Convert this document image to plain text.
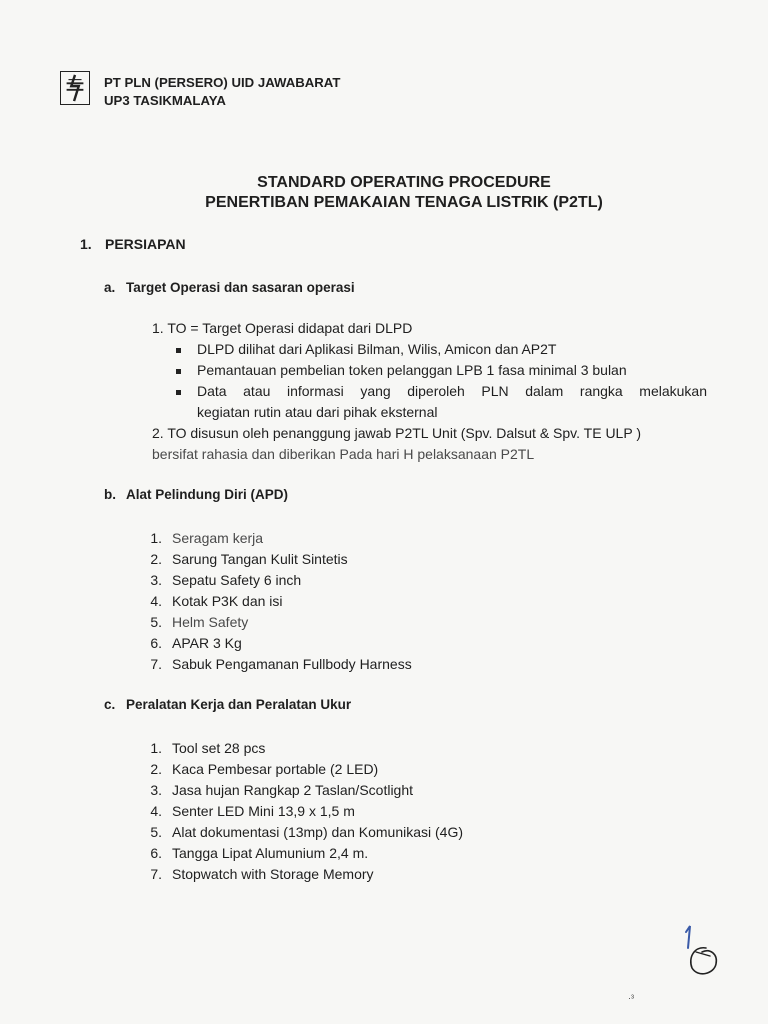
PT PLN (PERSERO) UID JAWABARAT
UP3 TASIKMALAYA
STANDARD OPERATING PROCEDURE
PENERTIBAN PEMAKAIAN TENAGA LISTRIK (P2TL)
1. PERSIAPAN
a. Target Operasi dan sasaran operasi
1. TO = Target Operasi didapat dari DLPD
DLPD dilihat dari Aplikasi Bilman, Wilis, Amicon dan AP2T
Pemantauan pembelian token pelanggan LPB 1 fasa minimal 3 bulan
Data atau informasi yang diperoleh PLN dalam rangka melakukan
kegiatan rutin atau dari pihak eksternal
2. TO disusun oleh penanggung jawab P2TL Unit (Spv. Dalsut & Spv. TE ULP )
bersifat rahasia dan diberikan Pada hari H pelaksanaan P2TL
b. Alat Pelindung Diri (APD)
1. Seragam kerja
2. Sarung Tangan Kulit Sintetis
3. Sepatu Safety 6 inch
4. Kotak P3K dan isi
5. Helm Safety
6. APAR 3 Kg
7. Sabuk Pengamanan Fullbody Harness
c. Peralatan Kerja dan Peralatan Ukur
1. Tool set 28 pcs
2. Kaca Pembesar portable (2 LED)
3. Jasa hujan Rangkap 2 Taslan/Scotlight
4. Senter LED Mini 13,9 x 1,5 m
5. Alat dokumentasi (13mp) dan Komunikasi (4G)
6. Tangga Lipat Alumunium 2,4 m.
7. Stopwatch with Storage Memory
·³
